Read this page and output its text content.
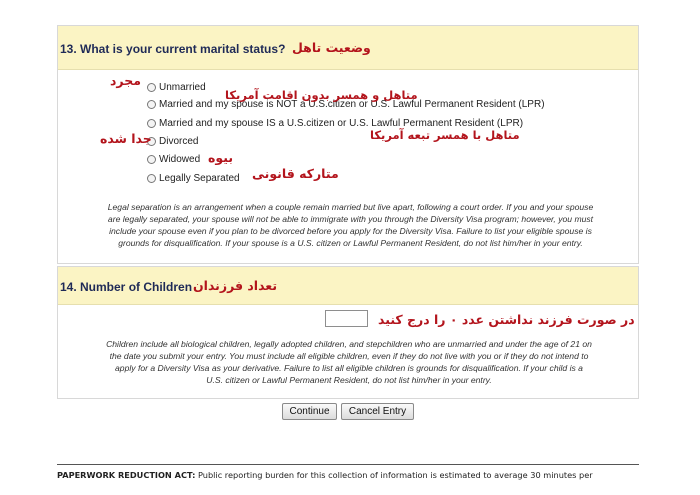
13. What is your current marital status? وضعیت تاهل
Unmarried
Married and my spouse is NOT a U.S.citizen or U.S. Lawful Permanent Resident (LPR)
Married and my spouse IS a U.S.citizen or U.S. Lawful Permanent Resident (LPR)
Divorced
Widowed
Legally Separated
مجرد
متاهل و همسر بدون اقامت آمریکا
متاهل با همسر تبعه آمریکا
جدا شده
بیوه
متارکه قانونی
Legal separation is an arrangement when a couple remain married but live apart, following a court order. If you and your spouse
are legally separated, your spouse will not be able to immigrate with you through the Diversity Visa program; however, you must
include your spouse even if you plan to be divorced before you apply for the Diversity Visa. Failure to list your eligible spouse is
grounds for disqualification. If your spouse is a U.S. citizen or Lawful Permanent Resident, do not list him/her in your entry.
14. Number of Children تعداد فرزندان
در صورت فرزند نداشتن عدد ۰ را درج کنید
Children include all biological children, legally adopted children, and stepchildren who are unmarried and under the age of 21 on
the date you submit your entry. You must include all eligible children, even if they do not live with you or if they do not intend to
apply for a Diversity Visa as your derivative. Failure to list all eligible children is grounds for disqualification. If your child is a
U.S. citizen or Lawful Permanent Resident, do not list him/her in your entry.
Continue	Cancel Entry
PAPERWORK REDUCTION ACT: Public reporting burden for this collection of information is estimated to average 30 minutes per
